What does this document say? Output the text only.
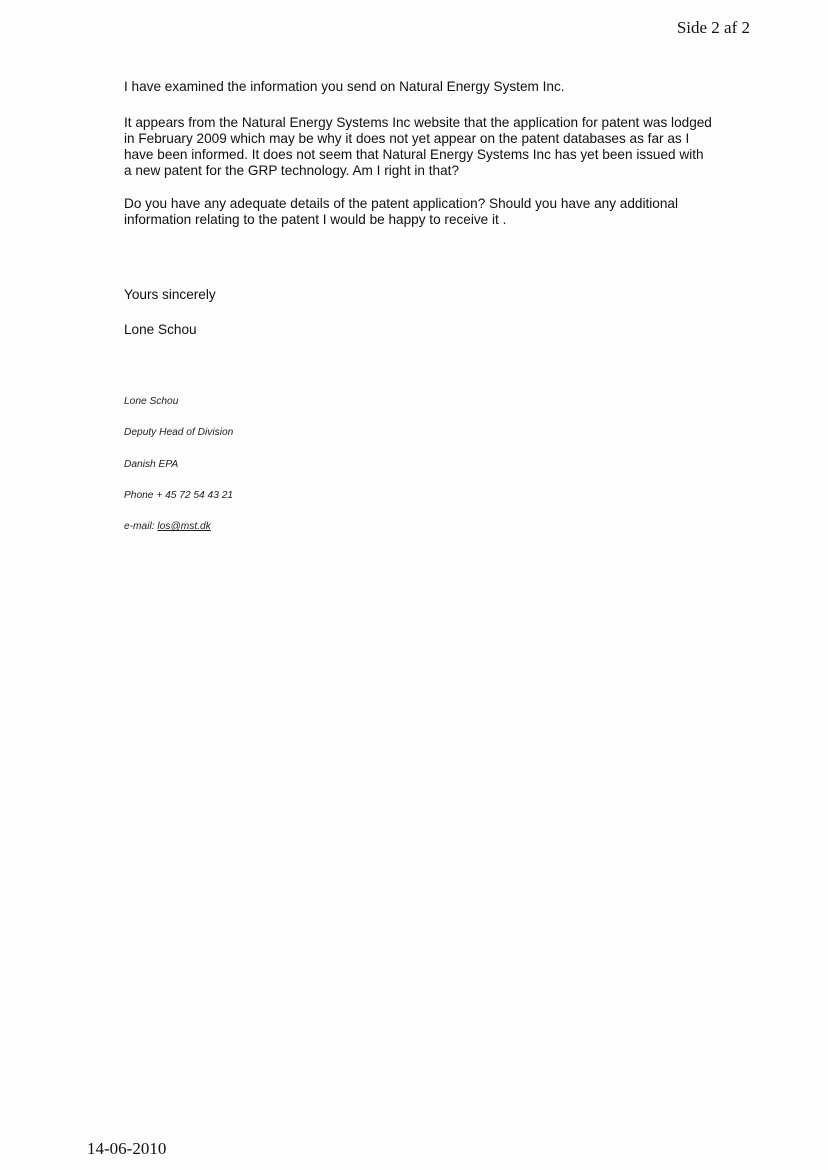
Side 2 af 2
I have examined the information you send on Natural Energy System Inc.
It appears from the Natural Energy Systems Inc website that the application for patent was lodged in February 2009 which may be why it does not yet appear on the patent databases as far as I have been informed. It does not seem that Natural Energy Systems Inc has yet been issued with a new patent for the GRP technology. Am I right in that?
Do you have any adequate details of the patent application? Should you have any additional information relating to the patent I would be happy to receive it .
Yours sincerely
Lone Schou
Lone Schou
Deputy Head of Division
Danish EPA
Phone + 45 72 54 43 21
e-mail: los@mst.dk
14-06-2010
